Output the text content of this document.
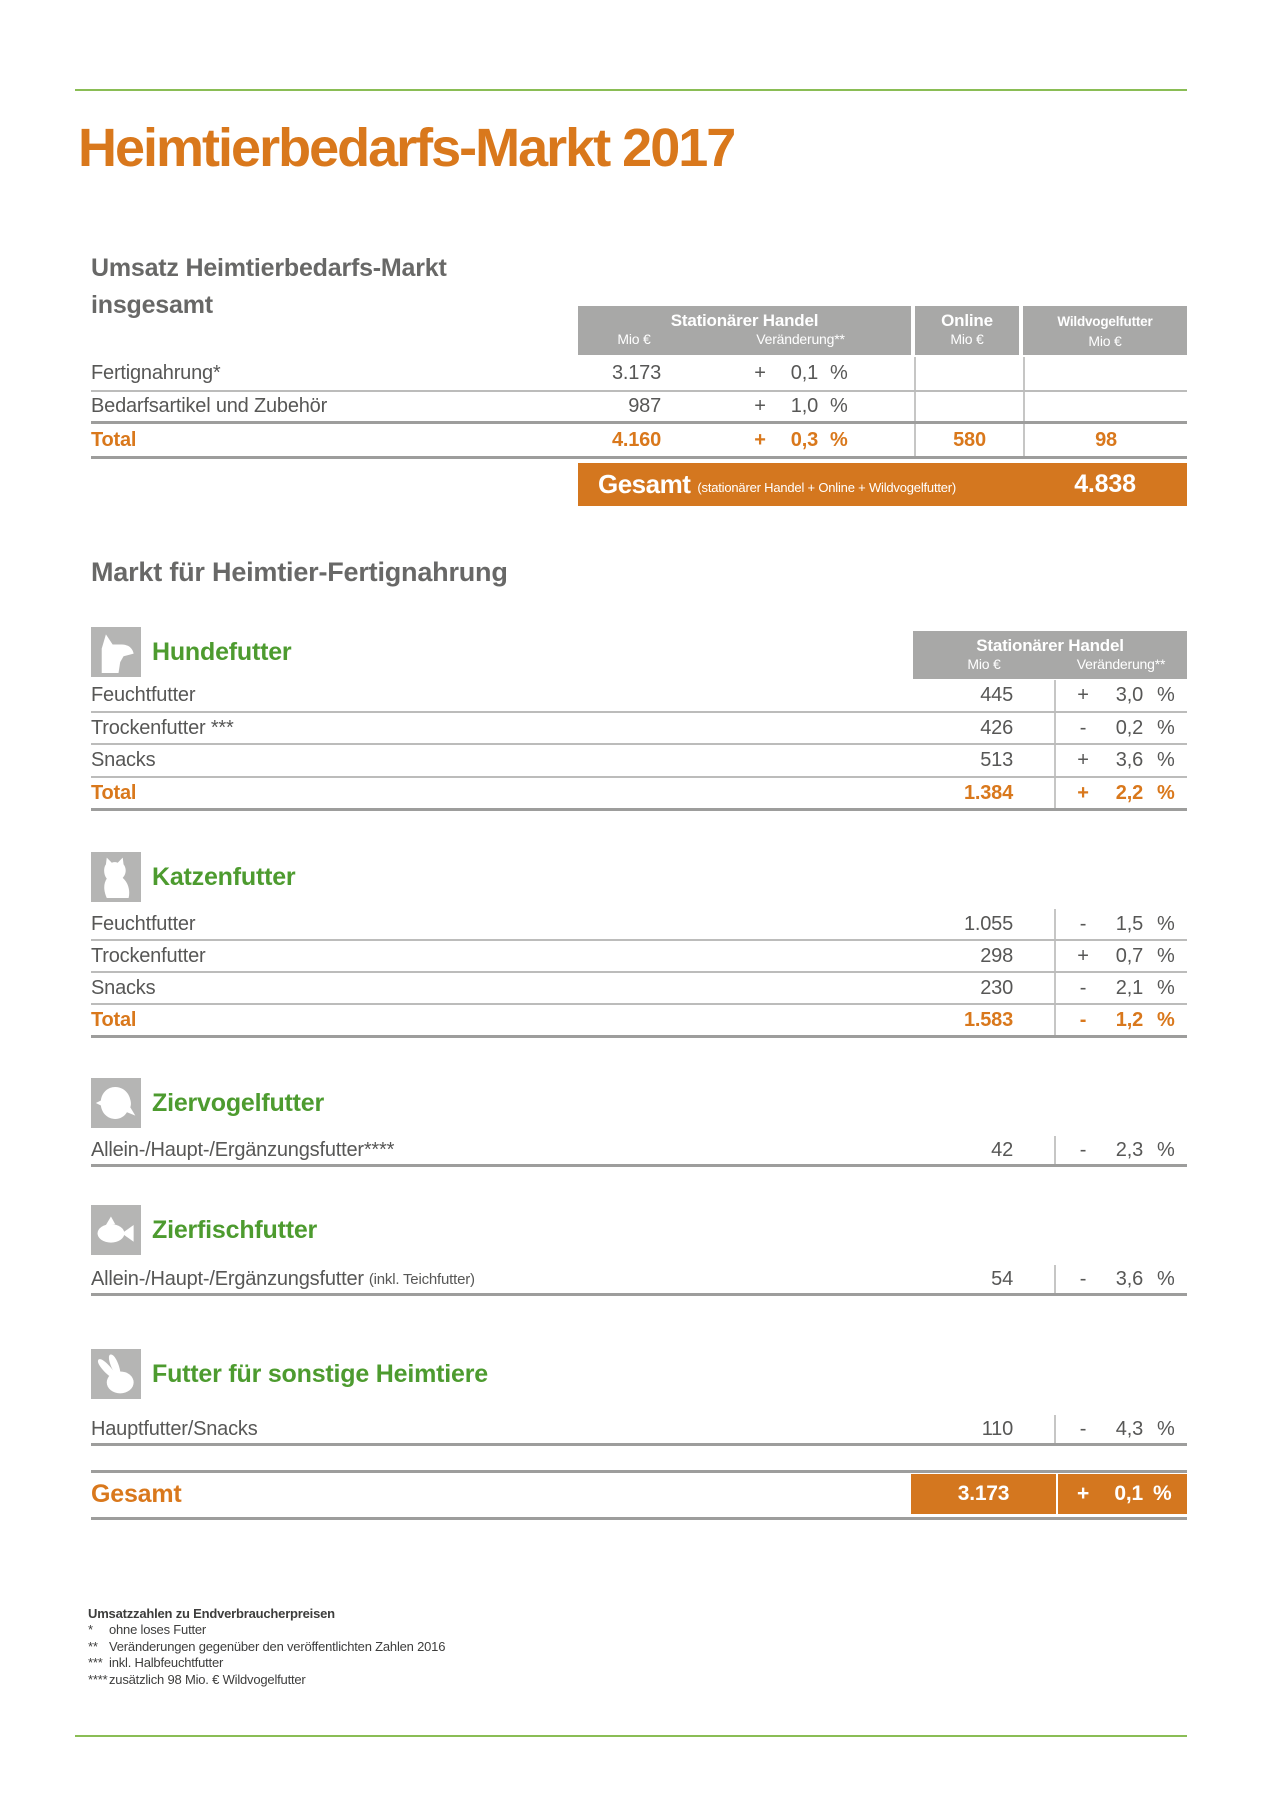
Heimtierbedarfs-Markt 2017
Umsatz Heimtierbedarfs-Markt
insgesamt
Stationärer Handel
Mio €	Veränderung**
Online
Mio €
Wildvogelfutter
Mio €
Fertignahrung*	3.173	+	0,1 %
Bedarfsartikel und Zubehör	987	+	1,0 %
Total	4.160	+	0,3 %	580	98
Gesamt (stationärer Handel + Online + Wildvogelfutter)	4.838
Markt für Heimtier-Fertignahrung
Hundefutter	Stationärer Handel
Mio €	Veränderung**
Feuchtfutter	445	+	3,0 %
Trockenfutter ***	426	-	0,2 %
Snacks	513	+	3,6 %
Total	1.384	+	2,2 %
Katzenfutter
Feuchtfutter	1.055	-	1,5 %
Trockenfutter	298	+	0,7 %
Snacks	230	-	2,1 %
Total	1.583	-	1,2 %
Ziervogelfutter
Allein-/Haupt-/Ergänzungsfutter****	42	-	2,3 %
Zierfischfutter
Allein-/Haupt-/Ergänzungsfutter (inkl. Teichfutter)	54	-	3,6 %
Futter für sonstige Heimtiere
Hauptfutter/Snacks	110	-	4,3 %
Gesamt	3.173	+	0,1 %
Umsatzzahlen zu Endverbraucherpreisen
*	ohne loses Futter
** Veränderungen gegenüber den veröffentlichten Zahlen 2016
*** inkl. Halbfeuchtfutter
**** zusätzlich 98 Mio. € Wildvogelfutter
